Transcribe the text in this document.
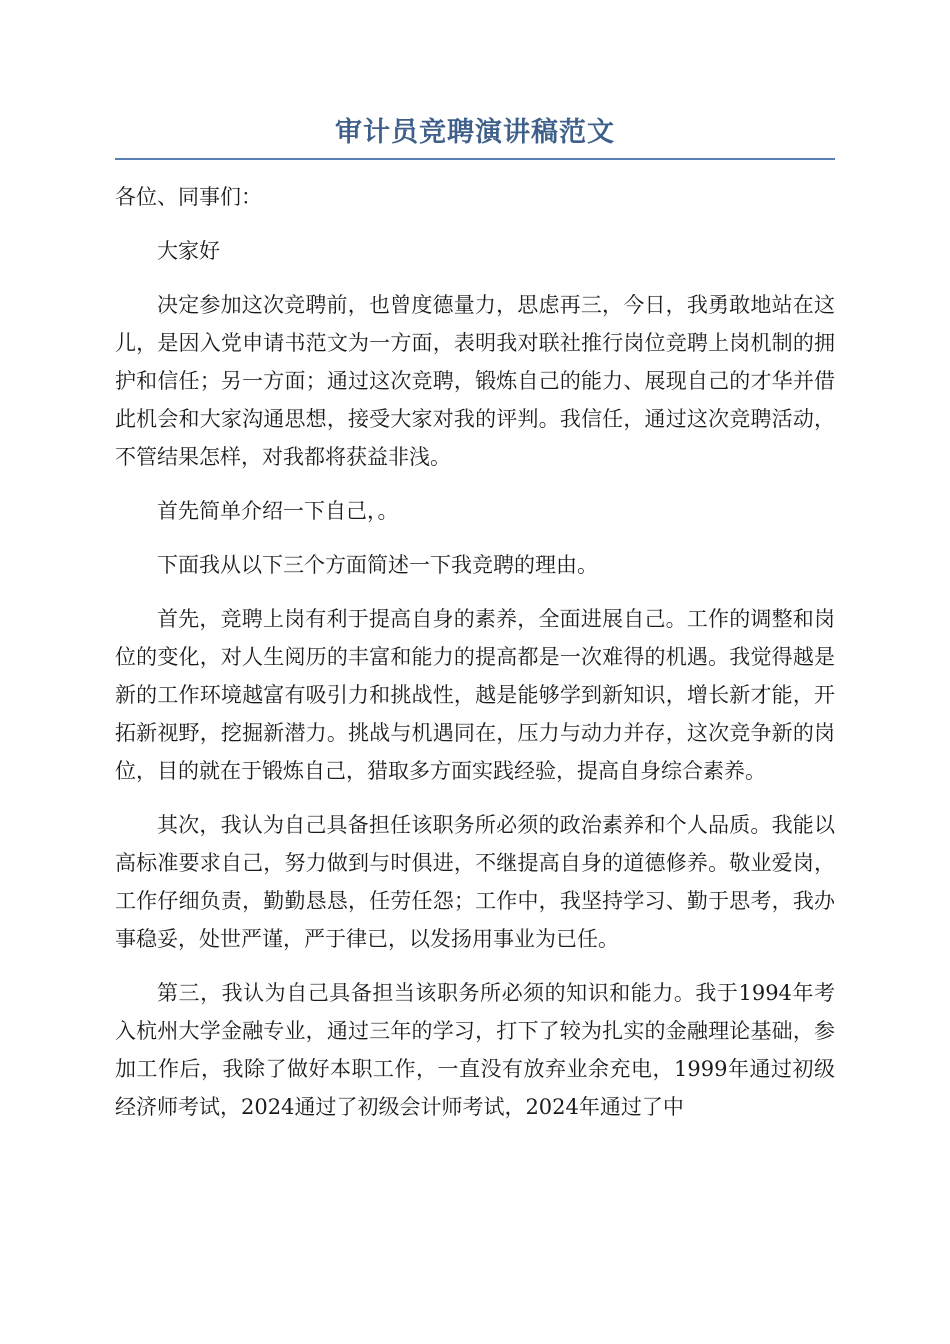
审计员竞聘演讲稿范文

各位、同事们：

大家好

决定参加这次竞聘前，也曾度德量力，思虑再三，今日，我勇敢地站在这儿，是因入党申请书范文为一方面，表明我对联社推行岗位竞聘上岗机制的拥护和信任；另一方面；通过这次竞聘，锻炼自己的能力、展现自己的才华并借此机会和大家沟通思想，接受大家对我的评判。我信任，通过这次竞聘活动，不管结果怎样，对我都将获益非浅。

首先简单介绍一下自己，。

下面我从以下三个方面简述一下我竞聘的理由。

首先，竞聘上岗有利于提高自身的素养，全面进展自己。工作的调整和岗位的变化，对人生阅历的丰富和能力的提高都是一次难得的机遇。我觉得越是新的工作环境越富有吸引力和挑战性，越是能够学到新知识，增长新才能，开拓新视野，挖掘新潜力。挑战与机遇同在，压力与动力并存，这次竞争新的岗位，目的就在于锻炼自己，猎取多方面实践经验，提高自身综合素养。

其次，我认为自己具备担任该职务所必须的政治素养和个人品质。我能以高标准要求自己，努力做到与时俱进，不继提高自身的道德修养。敬业爱岗，工作仔细负责，勤勤恳恳，任劳任怨；工作中，我坚持学习、勤于思考，我办事稳妥，处世严谨，严于律已，以发扬用事业为已任。

第三，我认为自己具备担当该职务所必须的知识和能力。我于1994年考入杭州大学金融专业，通过三年的学习，打下了较为扎实的金融理论基础，参加工作后，我除了做好本职工作，一直没有放弃业余充电，1999年通过初级经济师考试，2024通过了初级会计师考试，2024年通过了中
